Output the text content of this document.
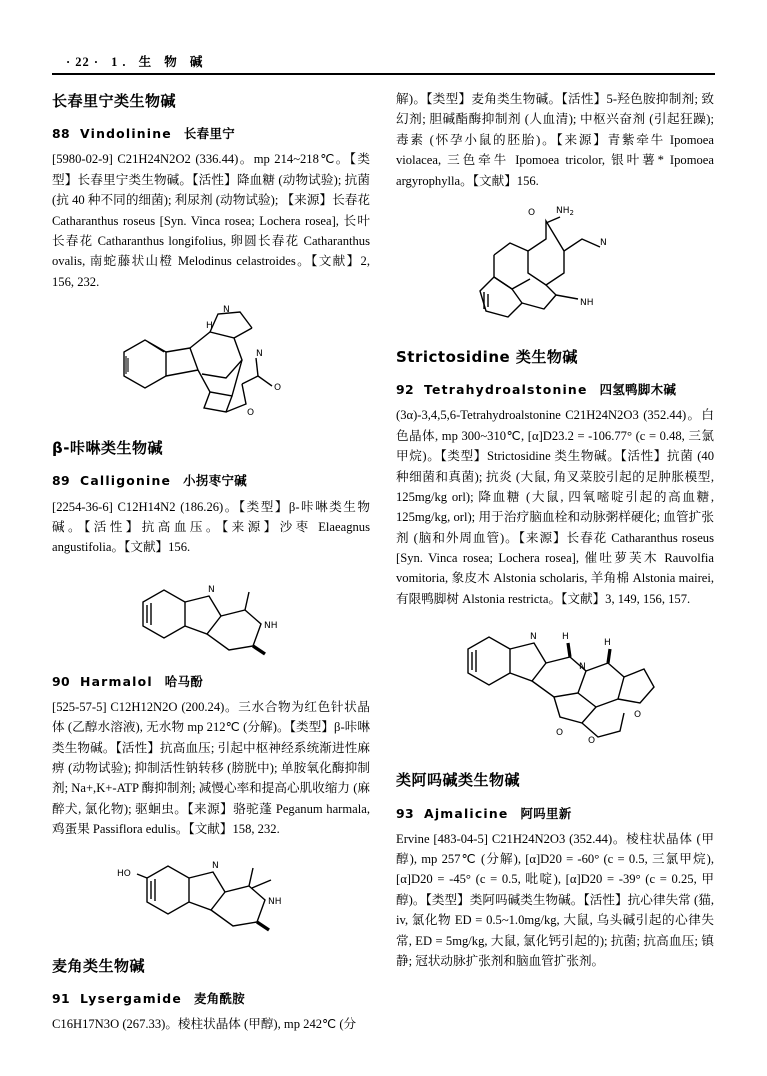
· 22 · 1. 生 物 碱
长春里宁类生物碱
88 Vindolinine 长春里宁

[5980-02-9] C21H24N2O2 (336.44)。mp 214~218℃。【类型】长春里宁类生物碱。【活性】降血糖 (动物试验); 抗菌 (抗 40 种不同的细菌); 利尿剂 (动物试验); 【来源】长春花 Catharanthus roseus [Syn. Vinca rosea; Lochera rosea], 长叶长春花 Catharanthus longifolius, 卵圆长春花 Catharanthus ovalis, 南蛇藤状山橙 Melodinus celastroides。【文献】2, 156, 232.

H
N
N
O
O
β-咔啉类生物碱
89 Calligonine 小拐枣宁碱

[2254-36-6] C12H14N2 (186.26)。【类型】β-咔啉类生物碱。【活性】抗高血压。【来源】沙枣 Elaeagnus angustifolia。【文献】156.

N
NH
90 Harmalol 哈马酚

[525-57-5] C12H12N2O (200.24)。三水合物为红色针状晶体 (乙醇水溶液), 无水物 mp 212℃ (分解)。【类型】β-咔啉类生物碱。【活性】抗高血压; 引起中枢神经系统渐进性麻痹 (动物试验); 抑制活性钠转移 (膀胱中); 单胺氧化酶抑制剂; Na+,K+-ATP 酶抑制剂; 减慢心率和提高心肌收缩力 (麻醉犬, 氯化物); 驱蛔虫。【来源】骆驼蓬 Peganum harmala, 鸡蛋果 Passiflora edulis。【文献】158, 232.

HO
N
NH
麦角类生物碱
91 Lysergamide 麦角酰胺

C16H17N3O (267.33)。棱柱状晶体 (甲醇), mp 242℃ (分

解)。【类型】麦角类生物碱。【活性】5-羟色胺抑制剂; 致幻剂; 胆碱酯酶抑制剂 (人血清); 中枢兴奋剂 (引起狂躁); 毒素 (怀孕小鼠的胚胎)。【来源】青紫牵牛 Ipomoea violacea, 三色牵牛 Ipomoea tricolor, 银叶薯* Ipomoea argyrophylla。【文献】156.

$NH_2$
O
N
NH
Strictosidine 类生物碱
92 Tetrahydroalstonine 四氢鸭脚木碱

(3α)-3,4,5,6-Tetrahydroalstonine C21H24N2O3 (352.44)。白色晶体, mp 300~310℃, [α]D23.2 = -106.77° (c = 0.48, 三氯甲烷)。【类型】Strictosidine 类生物碱。【活性】抗菌 (40 种细菌和真菌); 抗炎 (大鼠, 角叉菜胶引起的足肿胀模型, 125mg/kg orl); 降血糖 (大鼠, 四氧嘧啶引起的高血糖, 125mg/kg, orl); 用于治疗脑血栓和动脉粥样硬化; 血管扩张剂 (脑和外周血管)。【来源】长春花 Catharanthus roseus [Syn. Vinca rosea; Lochera rosea], 催吐萝芙木 Rauvolfia vomitoria, 象皮木 Alstonia scholaris, 羊角棉 Alstonia mairei, 有限鸭脚树 Alstonia restricta。【文献】3, 149, 156, 157.

N	H
H
N
O
O
O
类阿吗碱类生物碱
93 Ajmalicine 阿吗里新

Ervine [483-04-5] C21H24N2O3 (352.44)。棱柱状晶体 (甲醇), mp 257℃ (分解), [α]D20 = -60° (c = 0.5, 三氯甲烷), [α]D20 = -45° (c = 0.5, 吡啶), [α]D20 = -39° (c = 0.25, 甲醇)。【类型】类阿吗碱类生物碱。【活性】抗心律失常 (猫, iv, 氯化物 ED = 0.5~1.0mg/kg, 大鼠, 乌头碱引起的心律失常, ED = 5mg/kg, 大鼠, 氯化钙引起的); 抗菌; 抗高血压; 镇静; 冠状动脉扩张剂和脑血管扩张剂。
